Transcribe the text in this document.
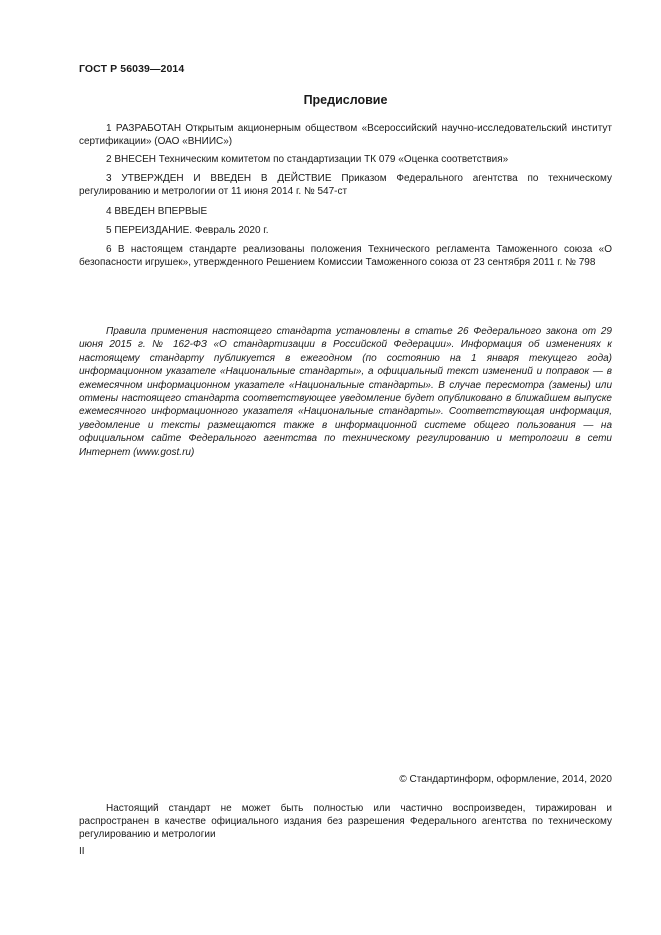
ГОСТ Р 56039—2014
Предисловие

1 РАЗРАБОТАН Открытым акционерным обществом «Всероссийский научно-исследовательский институт сертификации» (ОАО «ВНИИС»)

2 ВНЕСЕН Техническим комитетом по стандартизации ТК 079 «Оценка соответствия»

3 УТВЕРЖДЕН И ВВЕДЕН В ДЕЙСТВИЕ Приказом Федерального агентства по техническому регулированию и метрологии от 11 июня 2014 г. № 547-ст

4 ВВЕДЕН ВПЕРВЫЕ

5 ПЕРЕИЗДАНИЕ. Февраль 2020 г.

6 В настоящем стандарте реализованы положения Технического регламента Таможенного союза «О безопасности игрушек», утвержденного Решением Комиссии Таможенного союза от 23 сентября 2011 г. № 798

Правила применения настоящего стандарта установлены в статье 26 Федерального закона от 29 июня 2015 г. № 162-ФЗ «О стандартизации в Российской Федерации». Информация об изменениях к настоящему стандарту публикуется в ежегодном (по состоянию на 1 января текущего года) информационном указателе «Национальные стандарты», а официальный текст изменений и поправок — в ежемесячном информационном указателе «Национальные стандарты». В случае пересмотра (замены) или отмены настоящего стандарта соответствующее уведомление будет опубликовано в ближайшем выпуске ежемесячного информационного указателя «Национальные стандарты». Соответствующая информация, уведомление и тексты размещаются также в информационной системе общего пользования — на официальном сайте Федерального агентства по техническому регулированию и метрологии в сети Интернет (www.gost.ru)

© Стандартинформ, оформление, 2014, 2020

Настоящий стандарт не может быть полностью или частично воспроизведен, тиражирован и распространен в качестве официального издания без разрешения Федерального агентства по техническому регулированию и метрологии

II
